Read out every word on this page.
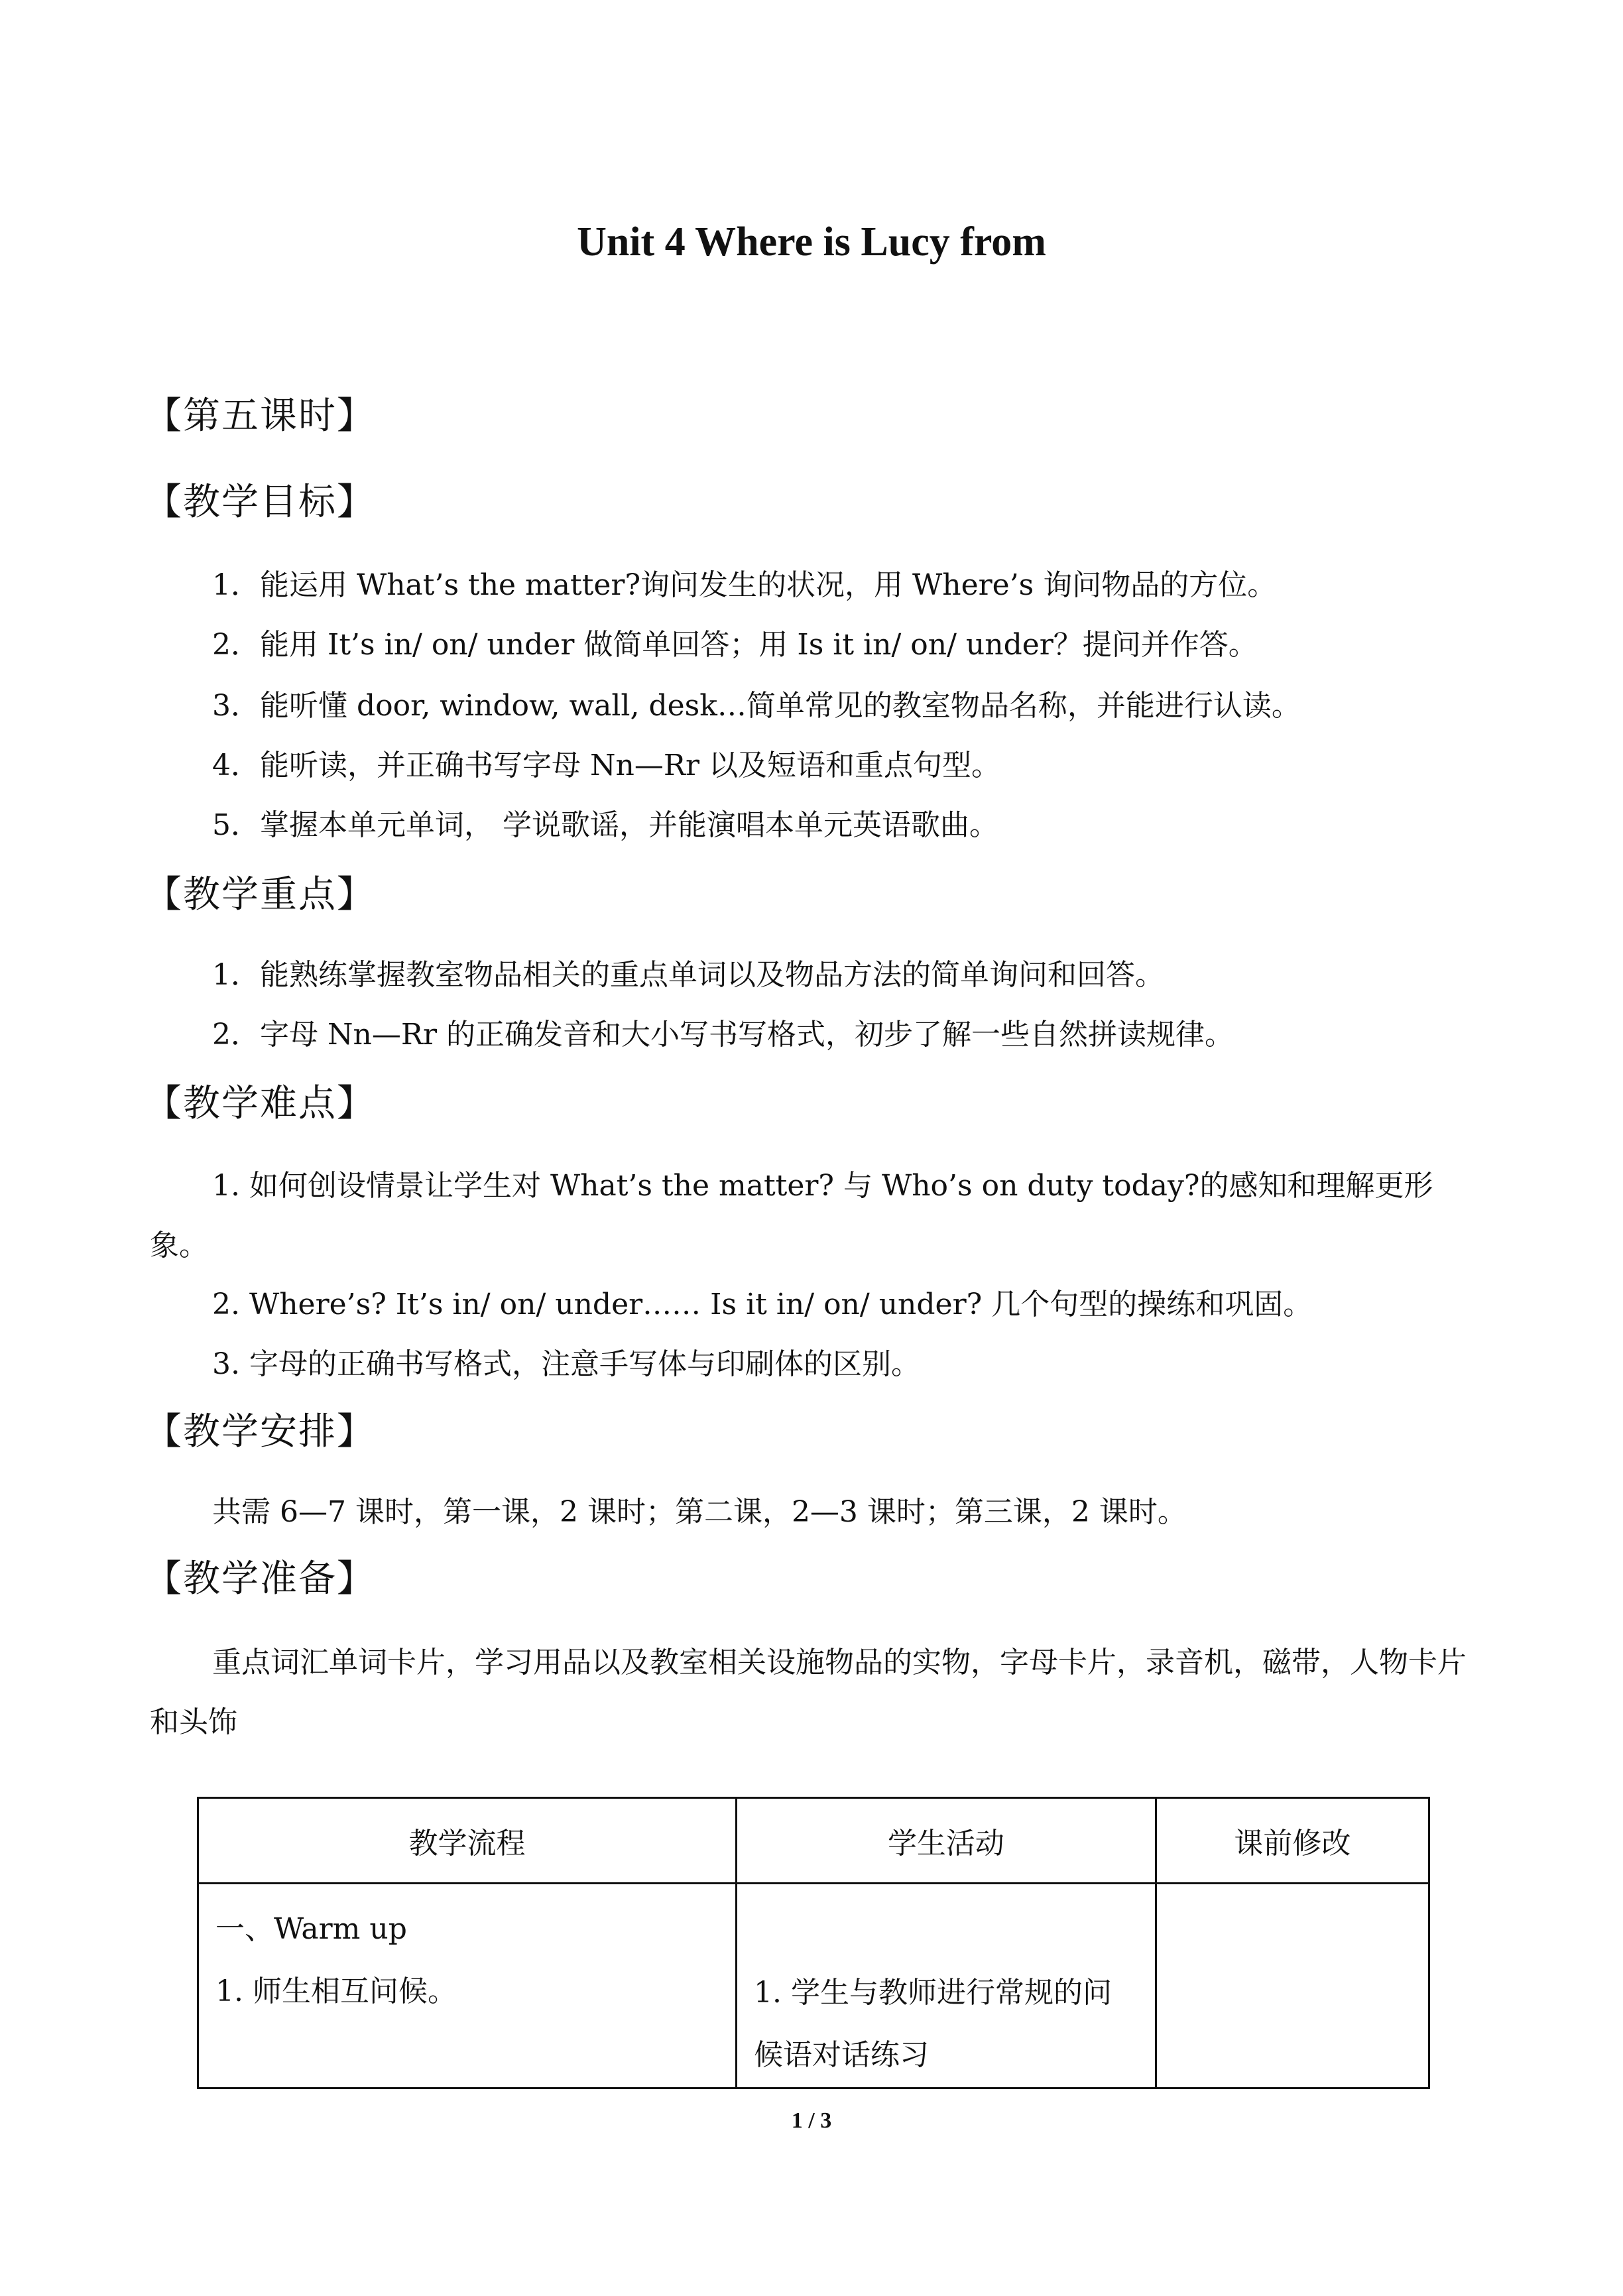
Unit 4 Where is Lucy from
【第五课时】
【教学目标】
1．能运用 What’s the matter?询问发生的状况，用 Where’s 询问物品的方位。
2．能用 It’s in/ on/ under 做简单回答；用 Is it in/ on/ under？提问并作答。
3．能听懂 door, window, wall, desk…简单常见的教室物品名称，并能进行认读。
4．能听读，并正确书写字母 Nn—Rr 以及短语和重点句型。
5．掌握本单元单词， 学说歌谣，并能演唱本单元英语歌曲。
【教学重点】
1．能熟练掌握教室物品相关的重点单词以及物品方法的简单询问和回答。
2．字母 Nn—Rr 的正确发音和大小写书写格式，初步了解一些自然拼读规律。
【教学难点】
1. 如何创设情景让学生对 What’s the matter? 与 Who’s on duty today?的感知和理解更形象。
2. Where’s? It’s in/ on/ under…… Is it in/ on/ under? 几个句型的操练和巩固。
3. 字母的正确书写格式，注意手写体与印刷体的区别。
【教学安排】
共需 6—7 课时，第一课，2 课时；第二课，2—3 课时；第三课，2 课时。
【教学准备】
重点词汇单词卡片，学习用品以及教室相关设施物品的实物，字母卡片，录音机，磁带，人物卡片和头饰
教学流程	学生活动	课前修改

一、Warm up
1. 师生相互问候。	1. 学生与教师进行常规的问候语对话练习	

1 / 3
